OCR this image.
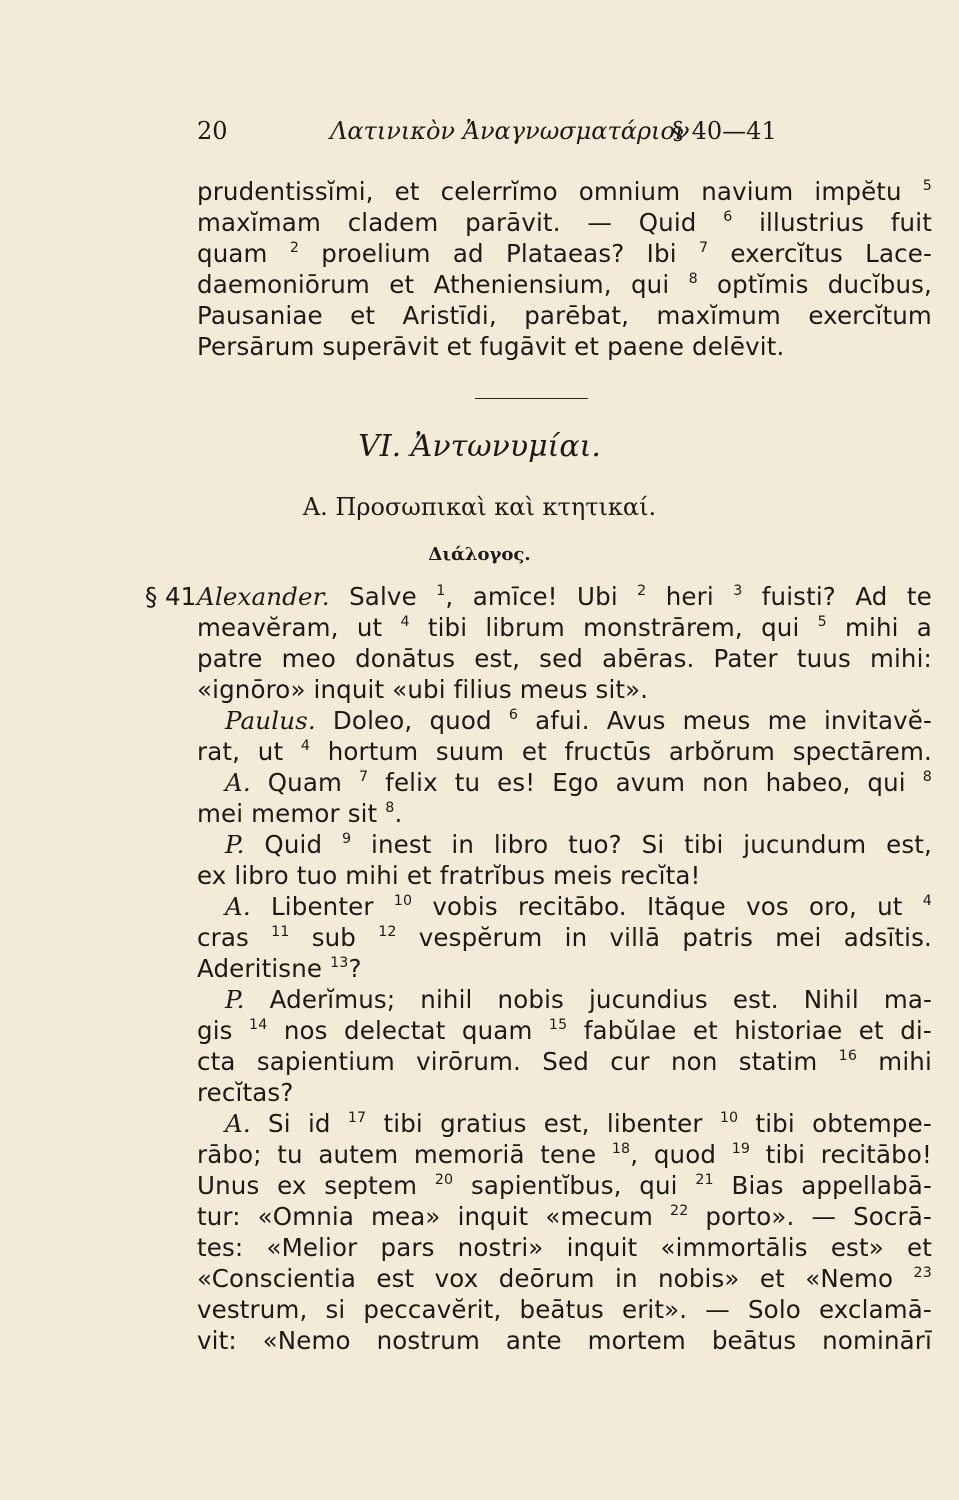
20	Λατινικὸν Ἀναγνωσματάριον
§ 40—41
prudentissĭmi, et celerrĭmo omnium navium impĕtu $^5$
maxĭmam cladem parāvit. — Quid $^6$ illustrius fuit
quam $^2$ proelium ad Plataeas? Ibi $^7$ exercĭtus Lace-
daemoniōrum et Atheniensium, qui $^8$ optĭmis ducĭbus,
Pausaniae et Aristīdi, parēbat, maxĭmum exercĭtum
Persārum superāvit et fugāvit et paene delēvit.
VI. Ἀντωνυμίαι.
Α. Προσωπικαὶ καὶ κτητικαί.
Διάλογος.
§ 41 Alexander. Salve $^1$, amīce! Ubi $^2$ heri $^3$ fuisti? Ad te
meavĕram, ut $^4$ tibi librum monstrārem, qui $^5$ mihi a
patre meo donātus est, sed abēras. Pater tuus mihi:
«ignōro» inquit «ubi filius meus sit».
Paulus. Doleo, quod $^6$ afui. Avus meus me invitavĕ-
rat, ut $^4$ hortum suum et fructūs arbŏrum spectārem.
A. Quam $^7$ felix tu es! Ego avum non habeo, qui $^8$
mei memor sit $^8$.
P. Quid $^9$ inest in libro tuo? Si tibi jucundum est,
ex libro tuo mihi et fratrĭbus meis recĭta!
A. Libenter $^{10}$ vobis recitābo. Ităque vos oro, ut $^4$
cras $^{11}$ sub $^{12}$ vespĕrum in villā patris mei adsītis.
Aderitisne $^{13}$?
P. Aderĭmus; nihil nobis jucundius est. Nihil ma-
gis $^{14}$ nos delectat quam $^{15}$ fabŭlae et historiae et di-
cta sapientium virōrum. Sed cur non statim $^{16}$ mihi
recĭtas?
A. Si id $^{17}$ tibi gratius est, libenter $^{10}$ tibi obtempe-
rābo; tu autem memoriā tene $^{18}$, quod $^{19}$ tibi recitābo!
Unus ex septem $^{20}$ sapientĭbus, qui $^{21}$ Bias appellabā-
tur: «Omnia mea» inquit «mecum $^{22}$ porto». — Socrā-
tes: «Melior pars nostri» inquit «immortālis est» et
«Conscientia est vox deōrum in nobis» et «Nemo $^{23}$
vestrum, si peccavĕrit, beātus erit». — Solo exclamā-
vit: «Nemo nostrum ante mortem beātus nominārī
